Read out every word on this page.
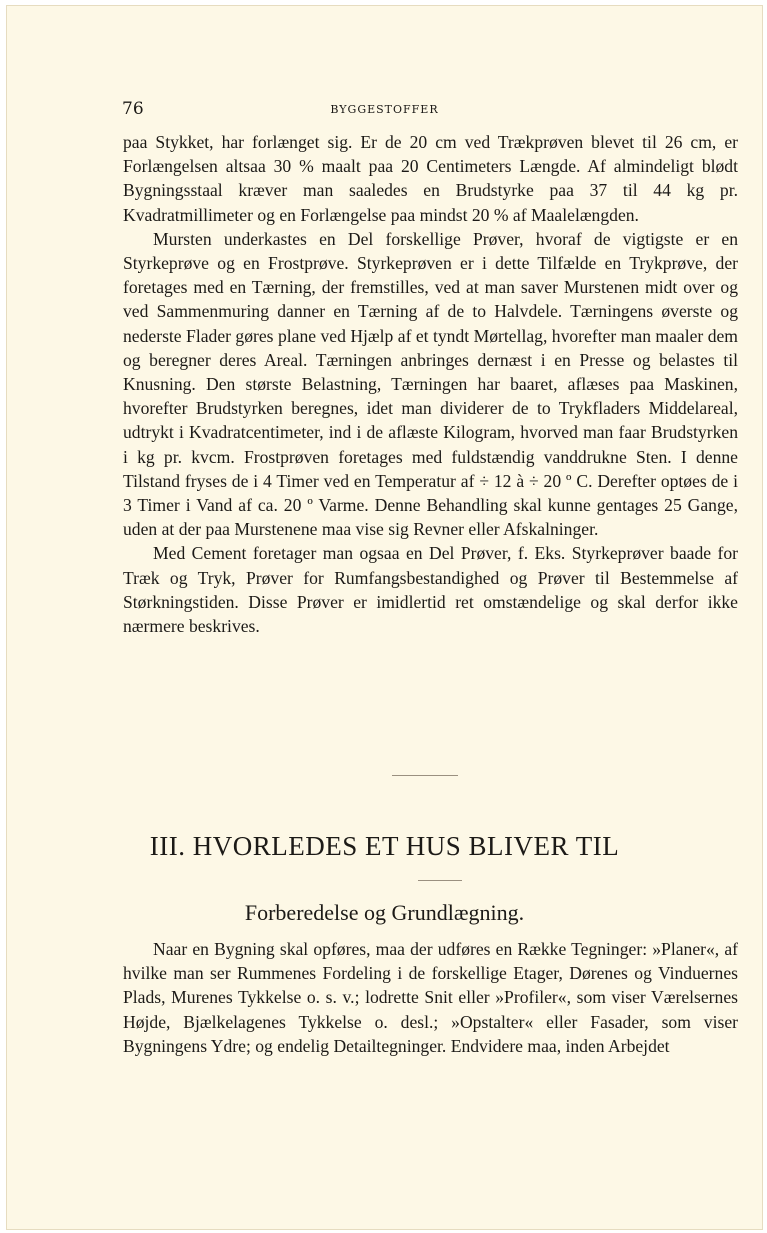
76	BYGGESTOFFER

paa Stykket, har forlænget sig. Er de 20 cm ved Trækprøven blevet til 26 cm, er Forlængelsen altsaa 30 % maalt paa 20 Centimeters Længde. Af almindeligt blødt Bygningsstaal kræver man saaledes en Brudstyrke paa 37 til 44 kg pr. Kvadratmillimeter og en Forlængelse paa mindst 20 % af Maalelængden.

Mursten underkastes en Del forskellige Prøver, hvoraf de vigtigste er en Styrkeprøve og en Frostprøve. Styrkeprøven er i dette Tilfælde en Trykprøve, der foretages med en Tærning, der fremstilles, ved at man saver Murstenen midt over og ved Sammenmuring danner en Tærning af de to Halvdele. Tærningens øverste og nederste Flader gøres plane ved Hjælp af et tyndt Mørtellag, hvorefter man maaler dem og beregner deres Areal. Tærningen anbringes dernæst i en Presse og belastes til Knusning. Den største Belastning, Tærningen har baaret, aflæses paa Maskinen, hvorefter Brudstyrken beregnes, idet man dividerer de to Trykfladers Middelareal, udtrykt i Kvadratcentimeter, ind i de aflæste Kilogram, hvorved man faar Brudstyrken i kg pr. kvcm. Frostprøven foretages med fuldstændig vanddrukne Sten. I denne Tilstand fryses de i 4 Timer ved en Temperatur af ÷ 12 à ÷ 20 º C. Derefter optøes de i 3 Timer i Vand af ca. 20 º Varme. Denne Behandling skal kunne gentages 25 Gange, uden at der paa Murstenene maa vise sig Revner eller Afskalninger.

Med Cement foretager man ogsaa en Del Prøver, f. Eks. Styrkeprøver baade for Træk og Tryk, Prøver for Rumfangsbestandighed og Prøver til Bestemmelse af Størkningstiden. Disse Prøver er imidlertid ret omstændelige og skal derfor ikke nærmere beskrives.

III. HVORLEDES ET HUS BLIVER TIL
Forberedelse og Grundlægning.

Naar en Bygning skal opføres, maa der udføres en Række Tegninger: »Planer«, af hvilke man ser Rummenes Fordeling i de forskellige Etager, Dørenes og Vinduernes Plads, Murenes Tykkelse o. s. v.; lodrette Snit eller »Profiler«, som viser Værelsernes Højde, Bjælkelagenes Tykkelse o. desl.; »Opstalter« eller Fasader, som viser Bygningens Ydre; og endelig Detailtegninger. Endvidere maa, inden Arbejdet
